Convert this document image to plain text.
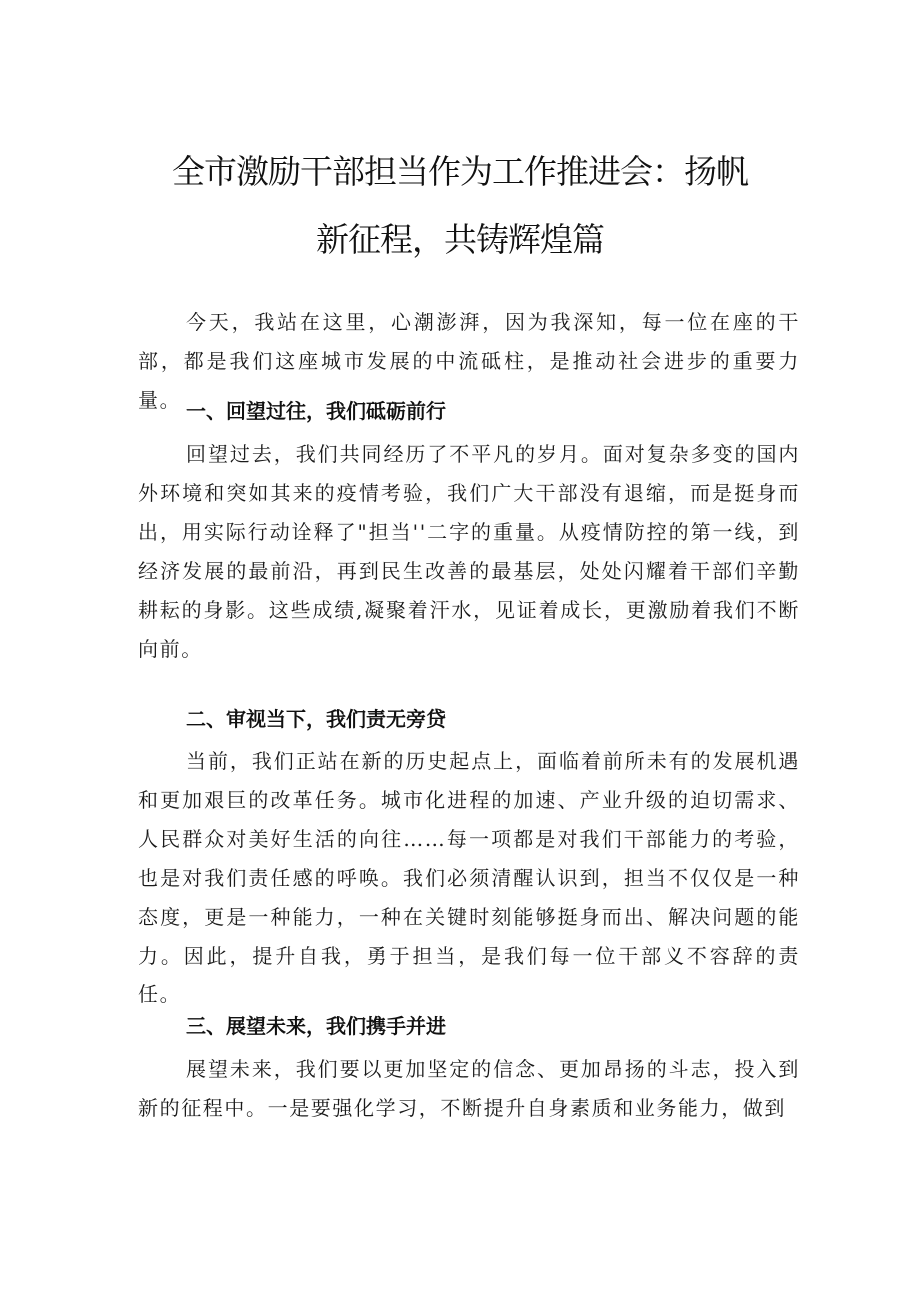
全市激励干部担当作为工作推进会：扬帆
新征程，共铸辉煌篇

今天，我站在这里，心潮澎湃，因为我深知，每一位在座的干部，都是我们这座城市发展的中流砥柱，是推动社会进步的重要力量。 一、回望过往，我们砥砺前行

回望过去，我们共同经历了不平凡的岁月。面对复杂多变的国内外环境和突如其来的疫情考验，我们广大干部没有退缩，而是挺身而出，用实际行动诠释了"担当''二字的重量。从疫情防控的第一线，到经济发展的最前沿，再到民生改善的最基层，处处闪耀着干部们辛勤耕耘的身影。这些成绩,凝聚着汗水，见证着成长，更激励着我们不断向前。

二、审视当下，我们责无旁贷

当前，我们正站在新的历史起点上，面临着前所未有的发展机遇和更加艰巨的改革任务。城市化进程的加速、产业升级的迫切需求、人民群众对美好生活的向往……每一项都是对我们干部能力的考验，也是对我们责任感的呼唤。我们必须清醒认识到，担当不仅仅是一种态度，更是一种能力，一种在关键时刻能够挺身而出、解决问题的能力。因此，提升自我，勇于担当，是我们每一位干部义不容辞的责任。

三、展望未来，我们携手并进

展望未来，我们要以更加坚定的信念、更加昂扬的斗志，投入到新的征程中。一是要强化学习，不断提升自身素质和业务能力，做到
